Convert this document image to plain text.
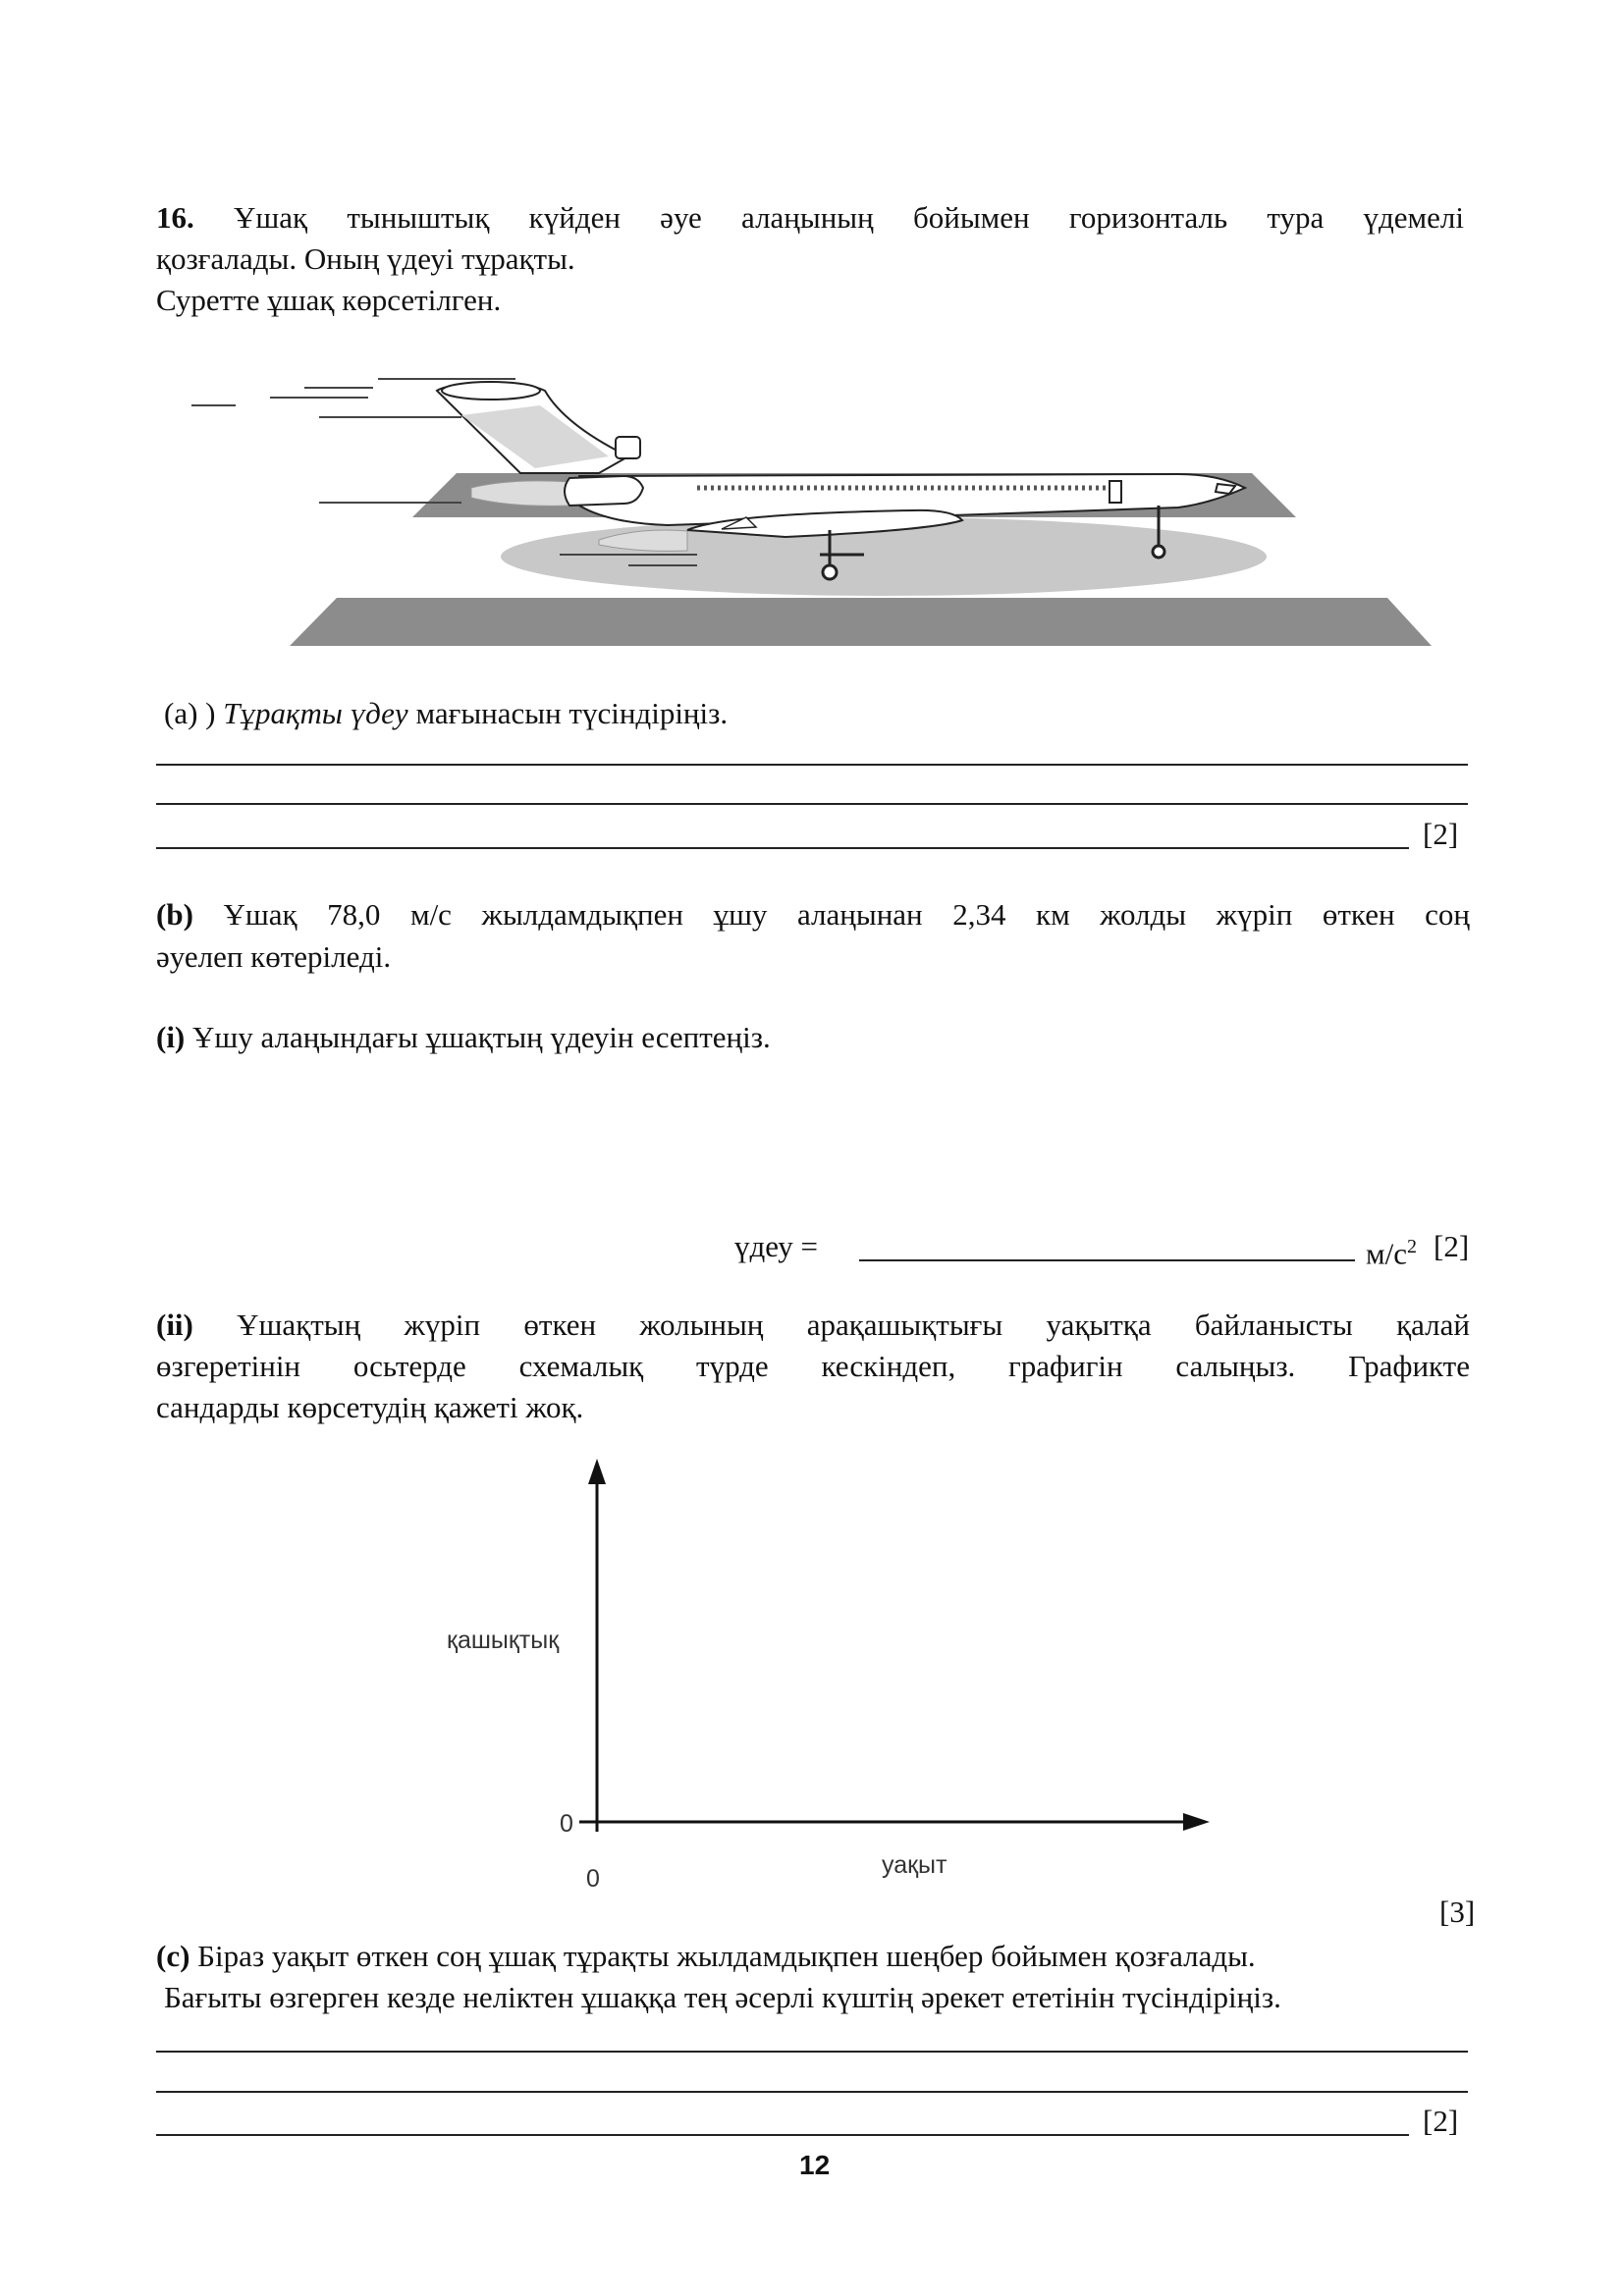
16. Ұшақ тыныштық күйден әуе алаңының бойымен горизонталь тура үдемелі
қозғалады. Оның үдеуі тұрақты.
Суретте ұшақ көрсетілген.
(a) ) Тұрақты үдеу мағынасын түсіндіріңіз.
[2]
(b) Ұшақ 78,0 м/с жылдамдықпен ұшу алаңынан 2,34 км жолды жүріп өткен соң
әуелеп көтеріледі.
(i) Ұшу алаңындағы ұшақтың үдеуін есептеңіз.
үдеу =	$м/с^2$ [2]
(ii) Ұшақтың жүріп өткен жолының арақашықтығы уақытқа байланысты қалай
өзгеретінін осьтерде схемалық түрде кескіндеп, графигін салыңыз. Графикте
сандарды көрсетудің қажеті жоқ.
қашықтық
0
0	уақыт
[3]
(c) Біраз уақыт өткен соң ұшақ тұрақты жылдамдықпен шеңбер бойымен қозғалады.
Бағыты өзгерген кезде неліктен ұшаққа тең әсерлі күштің әрекет ететінін түсіндіріңіз.
[2]
12
